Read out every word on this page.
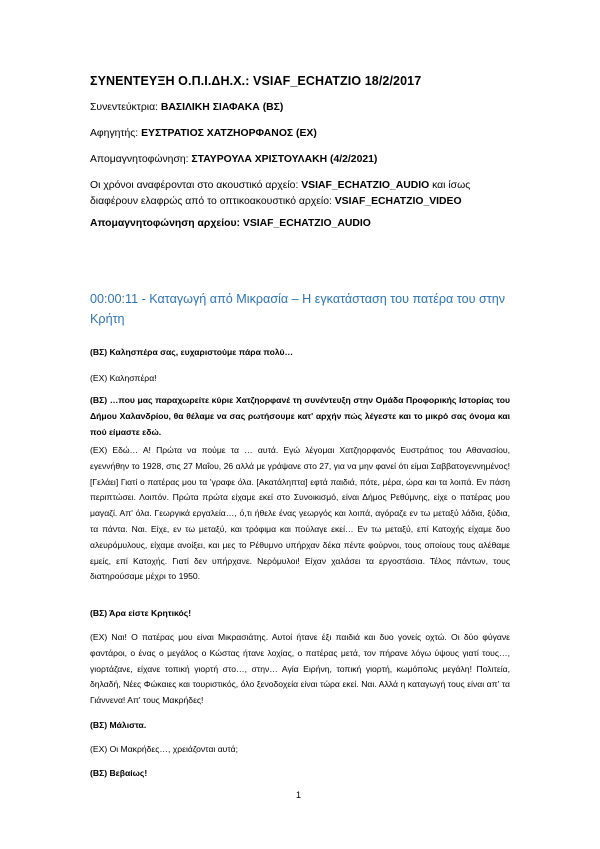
ΣΥΝΕΝΤΕΥΞΗ Ο.Π.Ι.ΔΗ.Χ.: VSIAF_ECHATZIO 18/2/2017
Συνεντεύκτρια: ΒΑΣΙΛΙΚΗ ΣΙΑΦΑΚΑ (ΒΣ)
Αφηγητής: ΕΥΣΤΡΑΤΙΟΣ ΧΑΤΖΗΟΡΦΑΝΟΣ (ΕΧ)
Απομαγνητοφώνηση: ΣΤΑΥΡΟΥΛΑ ΧΡΙΣΤΟΥΛΑΚΗ (4/2/2021)
Οι χρόνοι αναφέρονται στο ακουστικό αρχείο: VSIAF_ECHATZIO_AUDIO και ίσως διαφέρουν ελαφρώς από το οπτικοακουστικό αρχείο: VSIAF_ECHATZIO_VIDEO
Απομαγνητοφώνηση αρχείου: VSIAF_ECHATZIO_AUDIO
00:00:11 - Καταγωγή από Μικρασία – Η εγκατάσταση του πατέρα του στην Κρήτη
(ΒΣ) Καλησπέρα σας, ευχαριστούμε πάρα πολύ…
(ΕΧ) Καλησπέρα!
(ΒΣ) …που μας παραχωρείτε κύριε Χατζηορφανέ τη συνέντευξη στην Ομάδα Προφορικής Ιστορίας του Δήμου Χαλανδρίου, θα θέλαμε να σας ρωτήσουμε κατ' αρχήν πώς λέγεστε και το μικρό σας όνομα και πού είμαστε εδώ.
(ΕΧ) Εδώ… Α! Πρώτα να πούμε τα … αυτά. Εγώ λέγομαι Χατζηορφανός Ευστράτιος του Αθανασίου, εγεννήθην το 1928, στις 27 Μαΐου, 26 αλλά με γράψανε στο 27, για να μην φανεί ότι είμαι Σαββατογεννημένος! [Γελάει] Γιατί ο πατέρας μου τα 'γραφε όλα. [Ακατάληπτα] εφτά παιδιά, πότε, μέρα, ώρα και τα λοιπά. Εν πάση περιπτώσει. Λοιπόν. Πρώτα πρώτα είχαμε εκεί στο Συνοικισμό, είναι Δήμος Ρεθύμνης, είχε ο πατέρας μου μαγαζί. Απ' όλα. Γεωργικά εργαλεία…, ό,τι ήθελε ένας γεωργός και λοιπά, αγόραζε εν τω μεταξύ λάδια, ξύδια, τα πάντα. Ναι. Είχε, εν τω μεταξύ, και τρόφιμα και πούλαγε εκεί… Εν τω μεταξύ, επί Κατοχής είχαμε δυο αλευρόμυλους, είχαμε ανοίξει, και μες το Ρέθυμνο υπήρχαν δέκα πέντε φούρνοι, τους οποίους τους αλέθαμε εμείς, επί Κατοχής. Γιατί δεν υπήρχανε. Νερόμυλοι! Είχαν χαλάσει τα εργοστάσια. Τέλος πάντων, τους διατηρούσαμε μέχρι το 1950.
(ΒΣ) Άρα είστε Κρητικός!
(ΕΧ) Ναι! Ο πατέρας μου είναι Μικρασιάτης. Αυτοί ήτανε έξι παιδιά και δυο γονείς οχτώ. Οι δύο φύγανε φαντάροι, ο ένας ο μεγάλος ο Κώστας ήτανε λοχίας, ο πατέρας μετά, τον πήρανε λόγω ύψους γιατί τους…, γιορτάζανε, είχανε τοπική γιορτή στο…, στην… Αγία Ειρήνη, τοπική γιορτή, κωμόπολις μεγάλη! Πολιτεία, δηλαδή, Νέες Φώκαιες και τουριστικός, όλο ξενοδοχεία είναι τώρα εκεί. Ναι. Αλλά η καταγωγή τους είναι απ' τα Γιάννενα! Απ' τους Μακρήδες!
(ΒΣ) Μάλιστα.
(ΕΧ) Οι Μακρήδες…, χρειάζονται αυτά;
(ΒΣ) Βεβαίως!
1
